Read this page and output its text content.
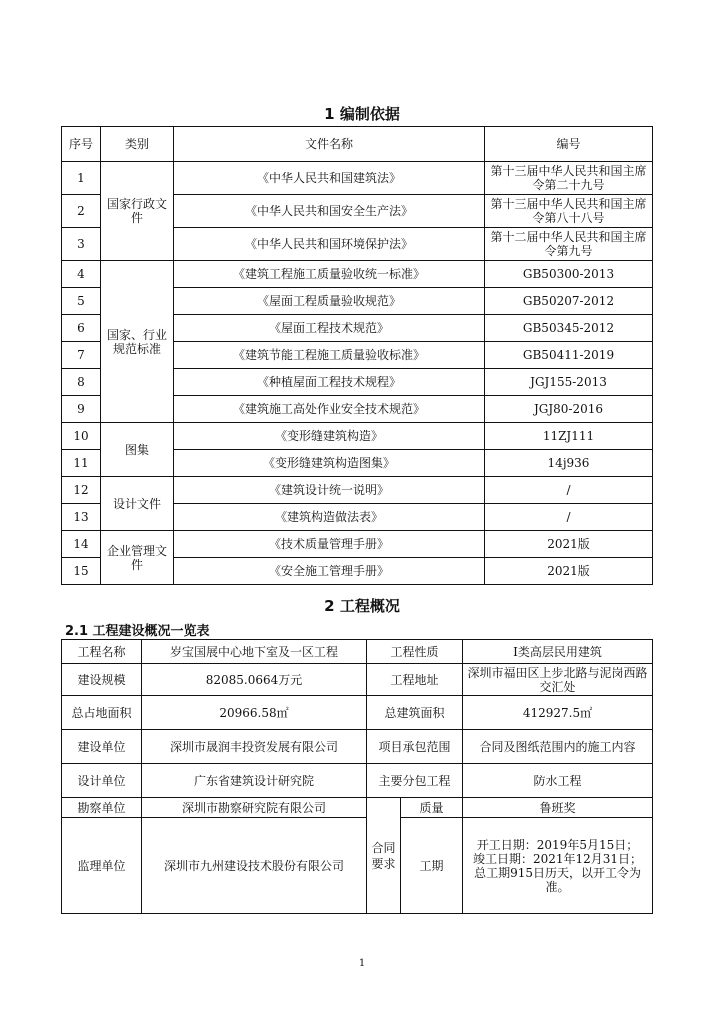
1 编制依据
序号	类别	文件名称	编号
1	国家行政文件	《中华人民共和国建筑法》	第十三届中华人民共和国主席令第二十九号
2		《中华人民共和国安全生产法》	第十三届中华人民共和国主席令第八十八号
3		《中华人民共和国环境保护法》	第十二届中华人民共和国主席令第九号
4	国家、行业规范标准	《建筑工程施工质量验收统一标准》	GB50300-2013
5		《屋面工程质量验收规范》	GB50207-2012
6		《屋面工程技术规范》	GB50345-2012
7		《建筑节能工程施工质量验收标准》	GB50411-2019
8		《种植屋面工程技术规程》	JGJ155-2013
9		《建筑施工高处作业安全技术规范》	JGJ80-2016
10	图集	《变形缝建筑构造》	11ZJ111
11		《变形缝建筑构造图集》	14j936
12	设计文件	《建筑设计统一说明》	/
13		《建筑构造做法表》	/
14	企业管理文件	《技术质量管理手册》	2021版
15		《安全施工管理手册》	2021版
2 工程概况
2.1 工程建设概况一览表
工程名称	岁宝国展中心地下室及一区工程	工程性质		I类高层民用建筑
建设规模	82085.0664万元	工程地址		深圳市福田区上步北路与泥岗西路交汇处
总占地面积	20966.58㎡	总建筑面积		412927.5㎡
建设单位	深圳市晟润丰投资发展有限公司	项目承包范围		合同及图纸范围内的施工内容
设计单位	广东省建筑设计研究院	主要分包工程		防水工程
勘察单位	深圳市勘察研究院有限公司	合同要求	质量	鲁班奖
监理单位	深圳市九州建设技术股份有限公司		工期	开工日期：2019年5月15日；
竣工日期：2021年12月31日；
总工期915日历天，以开工令为准。
1
